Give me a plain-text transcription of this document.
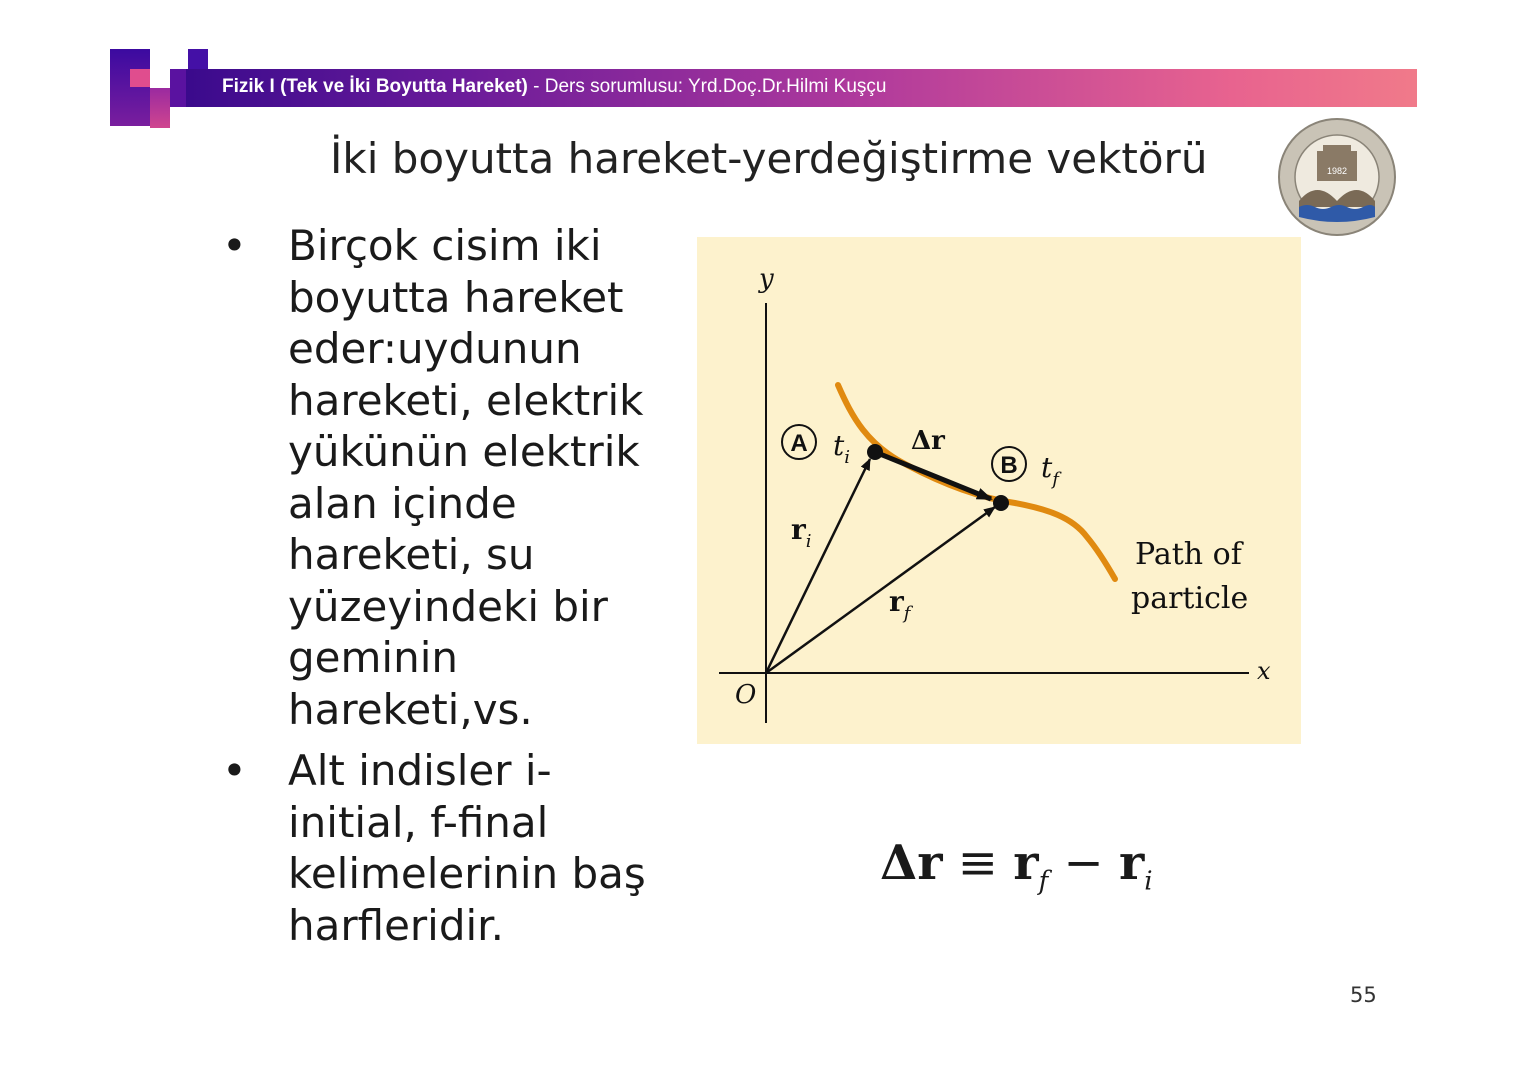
Fizik I (Tek ve İki Boyutta Hareket) - Ders sorumlusu: Yrd.Doç.Dr.Hilmi Kuşçu
İki boyutta hareket-yerdeğiştirme vektörü	1982
• Birçok cisim iki boyutta hareket eder:uydunun hareketi, elektrik yükünün elektrik alan içinde hareketi, su yüzeyindeki bir geminin hareketi,vs.
• Alt indisler i-initial, f-final kelimelerinin baş harfleridir.
y
x
O
A
B
$t_i$	$t_f$
Δr
$r_i$
$r_f$
Path of
particle
$\Delta r \equiv r_f - r_i$
55
